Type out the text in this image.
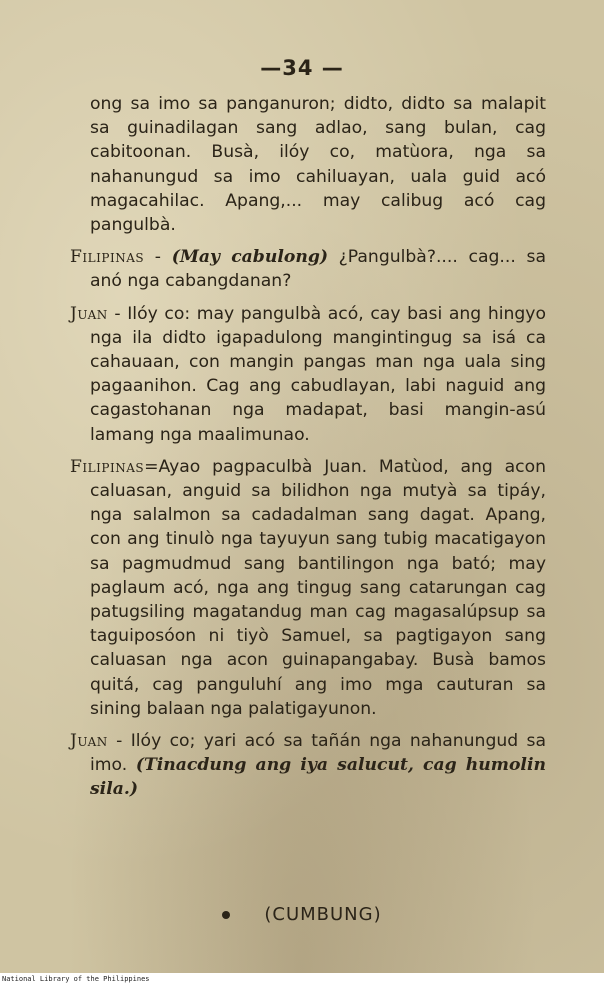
—34 —

ong sa imo sa panganuron; didto, didto sa malapit sa guinadilagan sang adlao, sang bulan, cag cabitoonan. Busà, ilóy co, matùora, nga sa nahanungud sa imo cahiluayan, uala guid acó magacahilac. Apang,... may calibug acó cag pangulbà.

Filipinas - (May cabulong) ¿Pangulbà?.... cag... sa anó nga cabangdanan?

Juan - Ilóy co: may pangulbà acó, cay basi ang hingyo nga ila didto igapadulong mangintingug sa isá ca cahauaan, con mangin pangas man nga uala sing pagaanihon. Cag ang cabudlayan, labi naguid ang cagastohanan nga madapat, basi mangin-asú lamang nga maalimunao.

Filipinas=Ayao pagpaculbà Juan. Matùod, ang acon caluasan, anguid sa bilidhon nga mutyà sa tipáy, nga salalmon sa cadadalman sang dagat. Apang, con ang tinulò nga tayuyun sang tubig macatigayon sa pagmudmud sang bantilingon nga bató; may paglaum acó, nga ang tingug sang catarungan cag patugsiling magatandug man cag magasalúpsup sa taguiposóon ni tiyò Samuel, sa pagtigayon sang caluasan nga acon guinapangabay. Busà bamos quitá, cag panguluhí ang imo mga cauturan sa sining balaan nga palatigayunon.

Juan - Ilóy co; yari acó sa tañán nga nahanungud sa imo. (Tinacdung ang iya salucut, cag humolin sila.)

(CUMBUNG)
National Library of the Philippines
